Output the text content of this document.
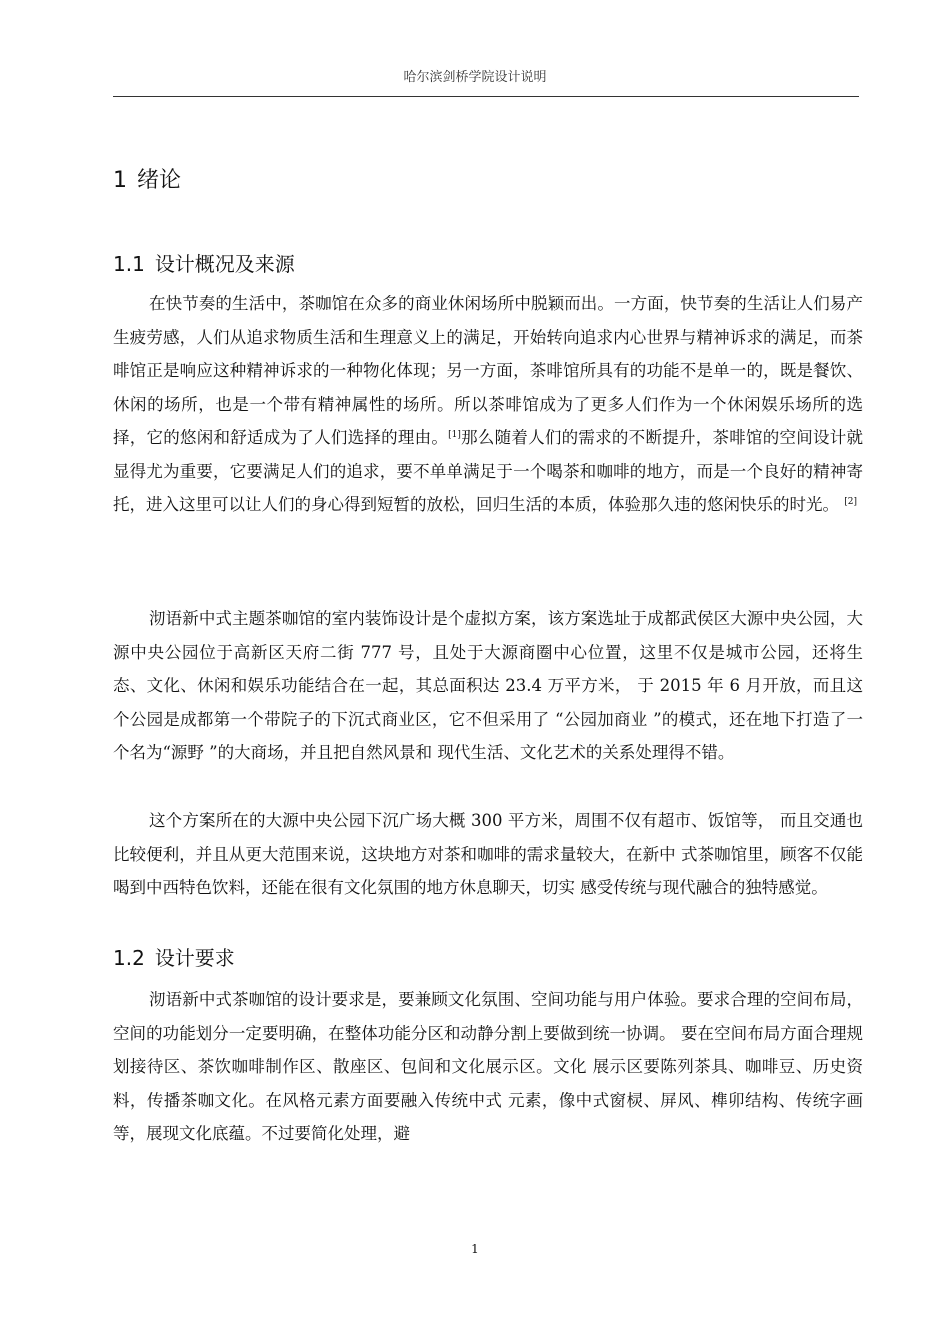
哈尔滨剑桥学院设计说明
1 绪论
1.1 设计概况及来源

在快节奏的生活中，茶咖馆在众多的商业休闲场所中脱颖而出。一方面，快节奏的生活让人们易产生疲劳感，人们从追求物质生活和生理意义上的满足，开始转向追求内心世界与精神诉求的满足，而茶啡馆正是响应这种精神诉求的一种物化体现；另一方面，茶啡馆所具有的功能不是单一的，既是餐饮、休闲的场所，也是一个带有精神属性的场所。所以茶啡馆成为了更多人们作为一个休闲娱乐场所的选择，它的悠闲和舒适成为了人们选择的理由。[1]那么随着人们的需求的不断提升，茶啡馆的空间设计就显得尤为重要，它要满足人们的追求，要不单单满足于一个喝茶和咖啡的地方，而是一个良好的精神寄托，进入这里可以让人们的身心得到短暂的放松，回归生活的本质，体验那久违的悠闲快乐的时光。 [2]

沏语新中式主题茶咖馆的室内装饰设计是个虚拟方案，该方案选址于成都武侯区大源中央公园，大源中央公园位于高新区天府二街 777 号，且处于大源商圈中心位置，这里不仅是城市公园，还将生态、文化、休闲和娱乐功能结合在一起，其总面积达 23.4 万平方米， 于 2015 年 6 月开放，而且这个公园是成都第一个带院子的下沉式商业区，它不但采用了 “公园加商业 ”的模式，还在地下打造了一个名为“源野 ”的大商场，并且把自然风景和 现代生活、文化艺术的关系处理得不错。

这个方案所在的大源中央公园下沉广场大概 300 平方米，周围不仅有超市、饭馆等， 而且交通也比较便利，并且从更大范围来说，这块地方对茶和咖啡的需求量较大，在新中 式茶咖馆里，顾客不仅能喝到中西特色饮料，还能在很有文化氛围的地方休息聊天，切实 感受传统与现代融合的独特感觉。

1.2 设计要求

沏语新中式茶咖馆的设计要求是，要兼顾文化氛围、空间功能与用户体验。要求合理的空间布局，空间的功能划分一定要明确，在整体功能分区和动静分割上要做到统一协调。 要在空间布局方面合理规划接待区、茶饮咖啡制作区、散座区、包间和文化展示区。文化 展示区要陈列茶具、咖啡豆、历史资料，传播茶咖文化。在风格元素方面要融入传统中式 元素，像中式窗棂、屏风、榫卯结构、传统字画等，展现文化底蕴。不过要简化处理，避

1
